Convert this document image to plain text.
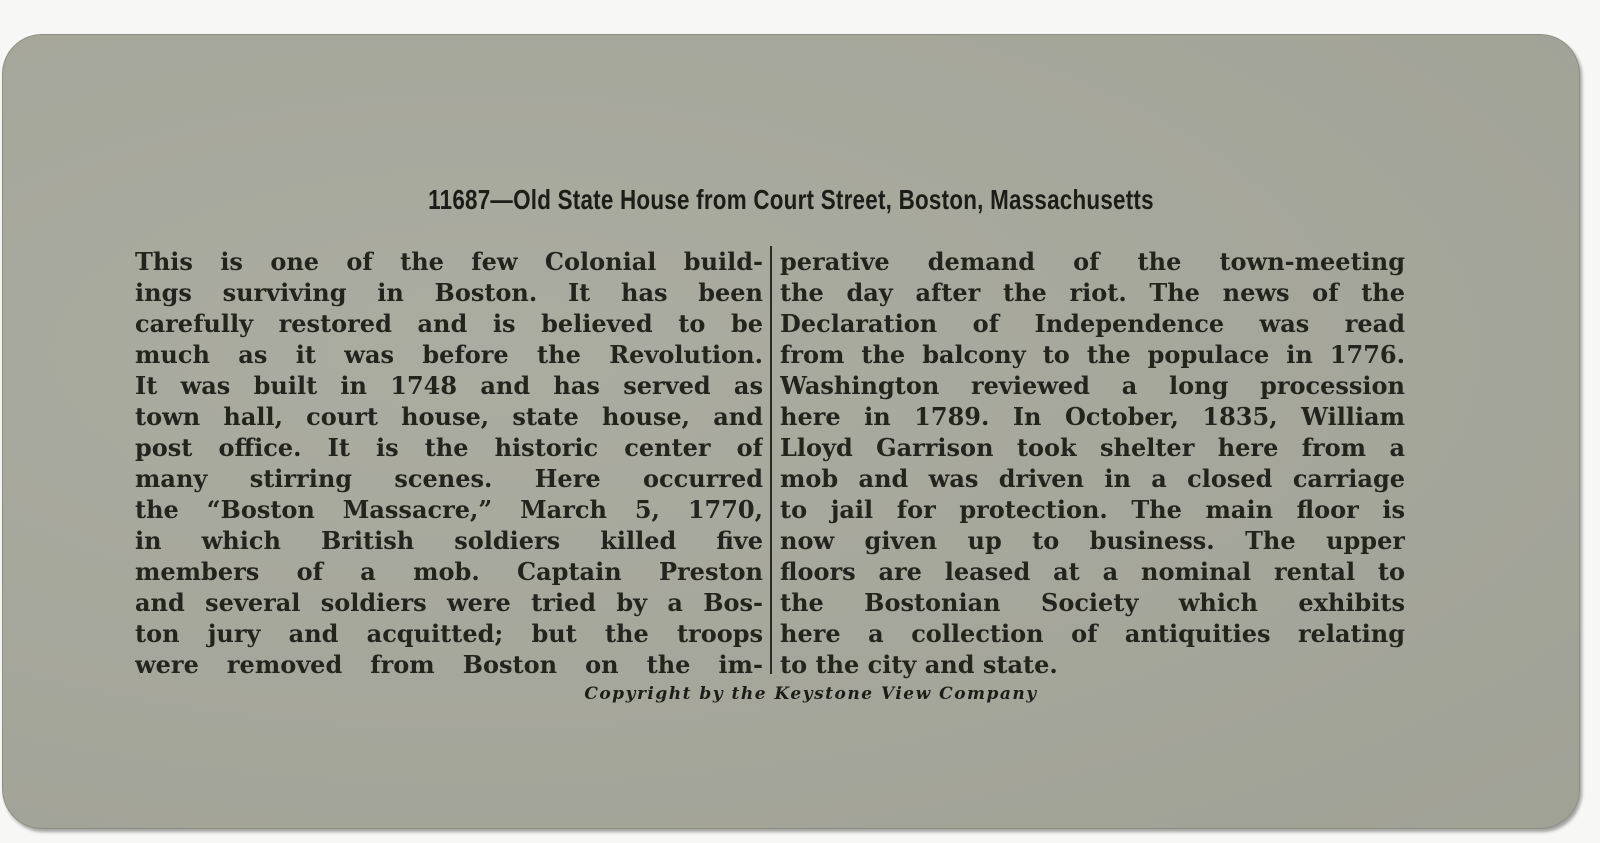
11687—Old State House from Court Street, Boston, Massachusetts
This is one of the few Colonial build-
ings surviving in Boston. It has been
carefully restored and is believed to be
much as it was before the Revolution.
It was built in 1748 and has served as
town hall, court house, state house, and
post office. It is the historic center of
many stirring scenes. Here occurred
the “Boston Massacre,” March 5, 1770,
in which British soldiers killed five
members of a mob. Captain Preston
and several soldiers were tried by a Bos-
ton jury and acquitted; but the troops
were removed from Boston on the im-
perative demand of the town-meeting
the day after the riot. The news of the
Declaration of Independence was read
from the balcony to the populace in 1776.
Washington reviewed a long procession
here in 1789. In October, 1835, William
Lloyd Garrison took shelter here from a
mob and was driven in a closed carriage
to jail for protection. The main floor is
now given up to business. The upper
floors are leased at a nominal rental to
the Bostonian Society which exhibits
here a collection of antiquities relating
to the city and state.
Copyright by the Keystone View Company
